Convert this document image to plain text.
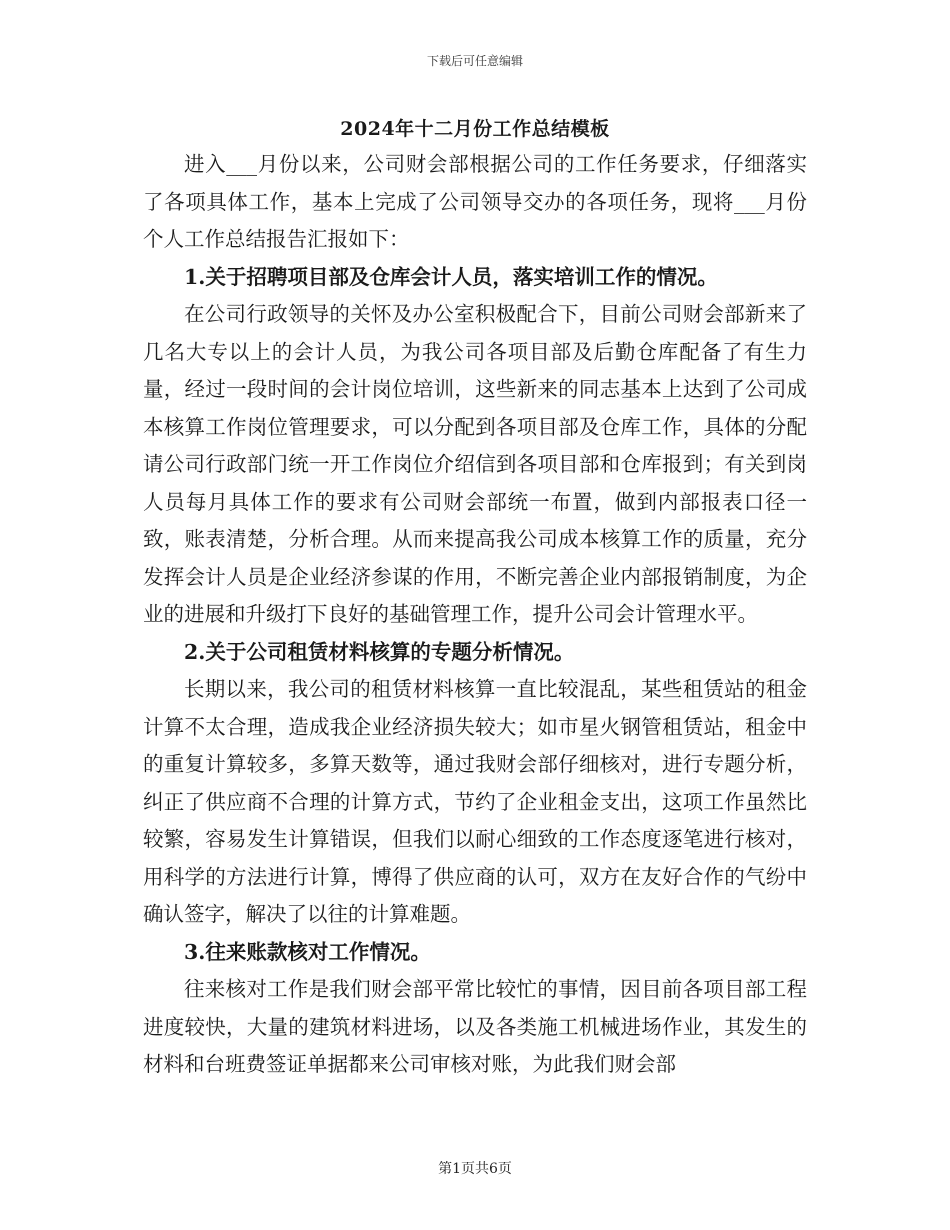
下载后可任意编辑
2024年十二月份工作总结模板

进入___月份以来，公司财会部根据公司的工作任务要求，仔细落实了各项具体工作，基本上完成了公司领导交办的各项任务，现将___月份个人工作总结报告汇报如下：

1.关于招聘项目部及仓库会计人员，落实培训工作的情况。

在公司行政领导的关怀及办公室积极配合下，目前公司财会部新来了几名大专以上的会计人员，为我公司各项目部及后勤仓库配备了有生力量，经过一段时间的会计岗位培训，这些新来的同志基本上达到了公司成本核算工作岗位管理要求，可以分配到各项目部及仓库工作，具体的分配请公司行政部门统一开工作岗位介绍信到各项目部和仓库报到；有关到岗人员每月具体工作的要求有公司财会部统一布置，做到内部报表口径一致，账表清楚，分析合理。从而来提高我公司成本核算工作的质量，充分发挥会计人员是企业经济参谋的作用，不断完善企业内部报销制度，为企业的进展和升级打下良好的基础管理工作，提升公司会计管理水平。

2.关于公司租赁材料核算的专题分析情况。

长期以来，我公司的租赁材料核算一直比较混乱，某些租赁站的租金计算不太合理，造成我企业经济损失较大；如市星火钢管租赁站，租金中的重复计算较多，多算天数等，通过我财会部仔细核对，进行专题分析，纠正了供应商不合理的计算方式，节约了企业租金支出，这项工作虽然比较繁，容易发生计算错误，但我们以耐心细致的工作态度逐笔进行核对，用科学的方法进行计算，博得了供应商的认可，双方在友好合作的气纷中确认签字，解决了以往的计算难题。

3.往来账款核对工作情况。

往来核对工作是我们财会部平常比较忙的事情，因目前各项目部工程进度较快，大量的建筑材料进场，以及各类施工机械进场作业，其发生的材料和台班费签证单据都来公司审核对账，为此我们财会部

第1页共6页
